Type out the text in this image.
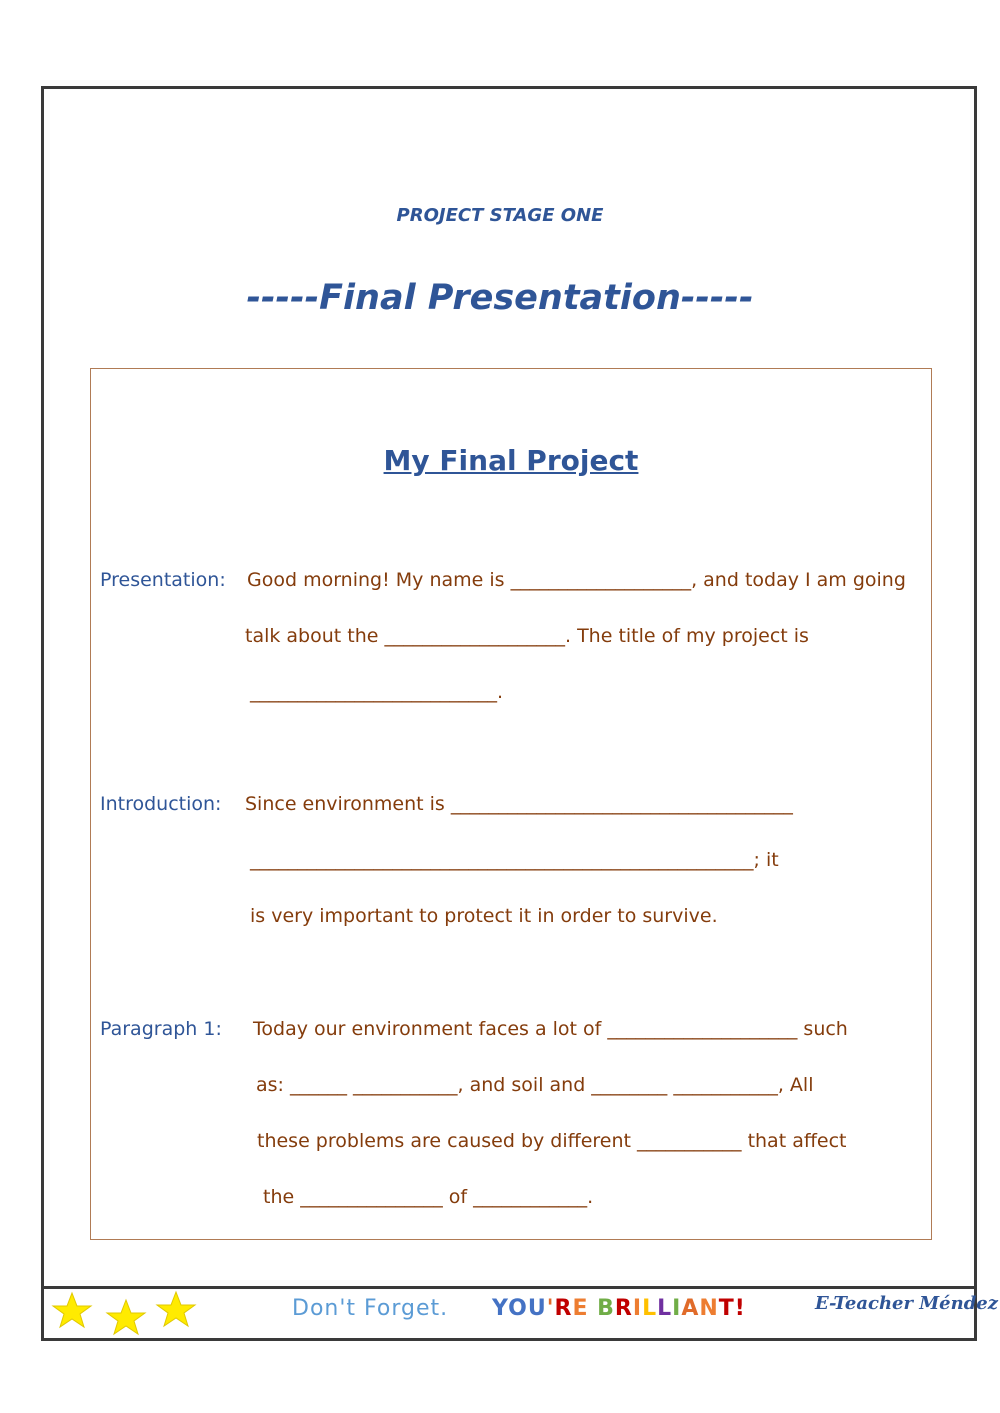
PROJECT STAGE ONE
-----Final Presentation-----
My Final Project
Presentation: Good morning! My name is ___________________, and today I am going
talk about the ___________________. The title of my project is
__________________________.
Introduction: Since environment is ____________________________________
_____________________________________________________; it
is very important to protect it in order to survive.
Paragraph 1: Today our environment faces a lot of ____________________ such
as: ______ ___________, and soil and ________ ___________, All
these problems are caused by different ___________ that affect
the _______________ of ____________.
Don't Forget. YOU'RE BRILLIANT!	E-Teacher Méndez
